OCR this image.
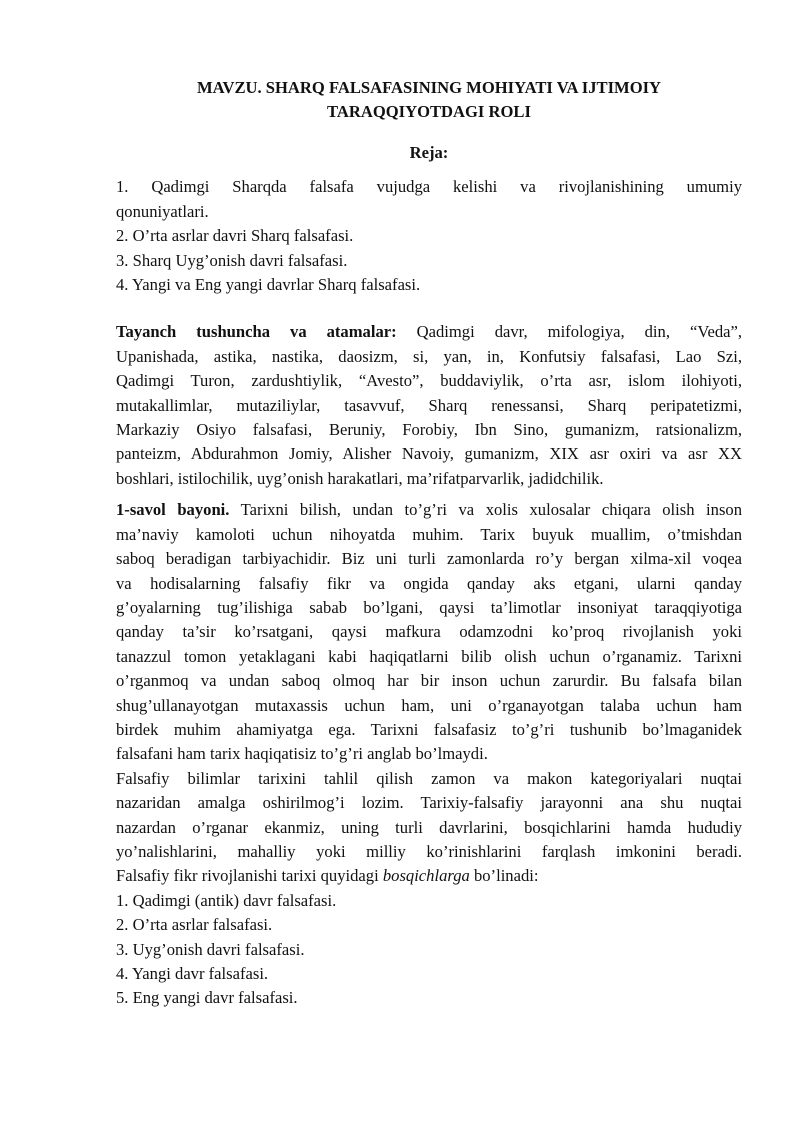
MAVZU. SHARQ FALSAFASINING MOHIYATI VA IJTIMOIY
TARAQQIYOTDAGI ROLI

Reja:

1. Qadimgi Sharqda falsafa vujudga kelishi va rivojlanishining umumiy
qonuniyatlari.
2. O’rta asrlar davri Sharq falsafasi.
3. Sharq Uyg’onish davri falsafasi.
4. Yangi va Eng yangi davrlar Sharq falsafasi.
Tayanch tushuncha va atamalar: Qadimgi davr, mifologiya, din, “Veda”,
Upanishada, astika, nastika, daosizm, si, yan, in, Konfutsiy falsafasi, Lao Szi,
Qadimgi Turon, zardushtiylik, “Avesto”, buddaviylik, o’rta asr, islom ilohiyoti,
mutakallimlar, mutaziliylar, tasavvuf, Sharq renessansi, Sharq peripatetizmi,
Markaziy Osiyo falsafasi, Beruniy, Forobiy, Ibn Sino, gumanizm, ratsionalizm,
panteizm, Abdurahmon Jomiy, Alisher Navoiy, gumanizm, XIX asr oxiri va asr XX
boshlari, istilochilik, uyg’onish harakatlari, ma’rifatparvarlik, jadidchilik.
1-savol bayoni. Tarixni bilish, undan to’g’ri va xolis xulosalar chiqara olish inson
ma’naviy kamoloti uchun nihoyatda muhim. Tarix buyuk muallim, o’tmishdan
saboq beradigan tarbiyachidir. Biz uni turli zamonlarda ro’y bergan xilma-xil voqea
va hodisalarning falsafiy fikr va ongida qanday aks etgani, ularni qanday
g’oyalarning tug’ilishiga sabab bo’lgani, qaysi ta’limotlar insoniyat taraqqiyotiga
qanday ta’sir ko’rsatgani, qaysi mafkura odamzodni ko’proq rivojlanish yoki
tanazzul tomon yetaklagani kabi haqiqatlarni bilib olish uchun o’rganamiz. Tarixni
o’rganmoq va undan saboq olmoq har bir inson uchun zarurdir. Bu falsafa bilan
shug’ullanayotgan mutaxassis uchun ham, uni o’rganayotgan talaba uchun ham
birdek muhim ahamiyatga ega. Tarixni falsafasiz to’g’ri tushunib bo’lmaganidek
falsafani ham tarix haqiqatisiz to’g’ri anglab bo’lmaydi.
Falsafiy bilimlar tarixini tahlil qilish zamon va makon kategoriyalari nuqtai
nazaridan amalga oshirilmog’i lozim. Tarixiy-falsafiy jarayonni ana shu nuqtai
nazardan o’rganar ekanmiz, uning turli davrlarini, bosqichlarini hamda hududiy
yo’nalishlarini, mahalliy yoki milliy ko’rinishlarini farqlash imkonini beradi.
Falsafiy fikr rivojlanishi tarixi quyidagi bosqichlarga bo’linadi:
1. Qadimgi (antik) davr falsafasi.
2. O’rta asrlar falsafasi.
3. Uyg’onish davri falsafasi.
4. Yangi davr falsafasi.
5. Eng yangi davr falsafasi.
